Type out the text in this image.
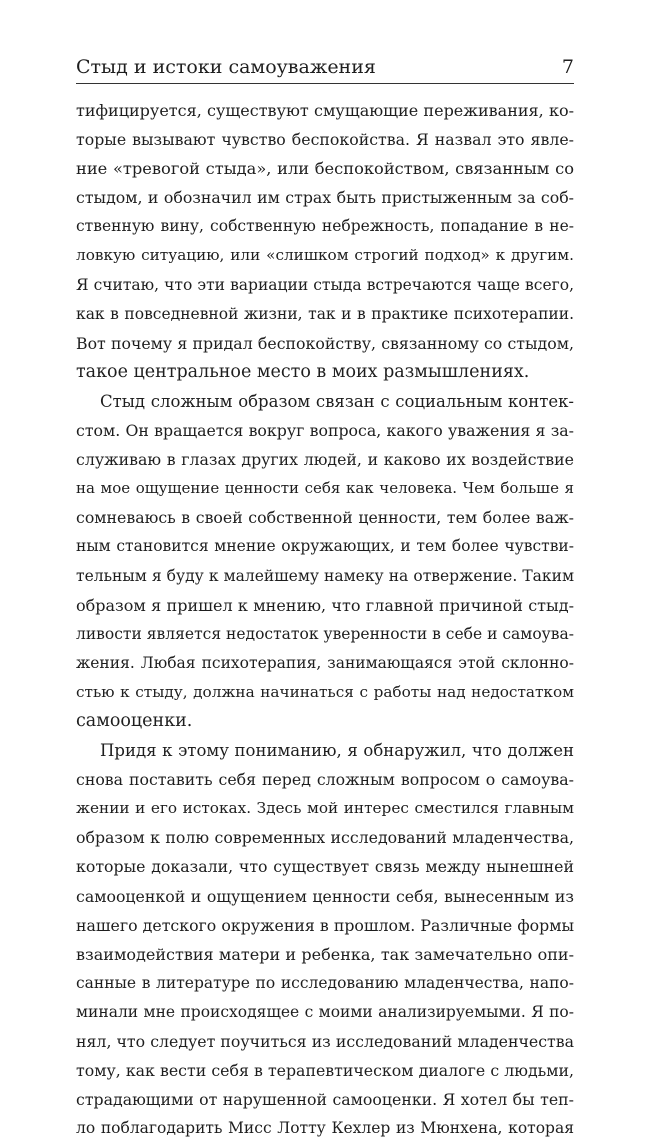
Стыд и истоки самоуважения	7
тифицируется, существуют смущающие переживания, ко-
торые вызывают чувство беспокойства. Я назвал это явле-
ние «тревогой стыда», или беспокойством, связанным со
стыдом, и обозначил им страх быть пристыженным за соб-
ственную вину, собственную небрежность, попадание в не-
ловкую ситуацию, или «слишком строгий подход» к другим.
Я считаю, что эти вариации стыда встречаются чаще всего,
как в повседневной жизни, так и в практике психотерапии.
Вот почему я придал беспокойству, связанному со стыдом,
такое центральное место в моих размышлениях.
Стыд сложным образом связан с социальным контек-
стом. Он вращается вокруг вопроса, какого уважения я за-
служиваю в глазах других людей, и каково их воздействие
на мое ощущение ценности себя как человека. Чем больше я
сомневаюсь в своей собственной ценности, тем более важ-
ным становится мнение окружающих, и тем более чувстви-
тельным я буду к малейшему намеку на отвержение. Таким
образом я пришел к мнению, что главной причиной стыд-
ливости является недостаток уверенности в себе и самоува-
жения. Любая психотерапия, занимающаяся этой склонно-
стью к стыду, должна начинаться с работы над недостатком
самооценки.
Придя к этому пониманию, я обнаружил, что должен
снова поставить себя перед сложным вопросом о самоува-
жении и его истоках. Здесь мой интерес сместился главным
образом к полю современных исследований младенчества,
которые доказали, что существует связь между нынешней
самооценкой и ощущением ценности себя, вынесенным из
нашего детского окружения в прошлом. Различные формы
взаимодействия матери и ребенка, так замечательно опи-
санные в литературе по исследованию младенчества, напо-
минали мне происходящее с моими анализируемыми. Я по-
нял, что следует поучиться из исследований младенчества
тому, как вести себя в терапевтическом диалоге с людьми,
страдающими от нарушенной самооценки. Я хотел бы теп-
ло поблагодарить Мисс Лотту Кехлер из Мюнхена, которая
